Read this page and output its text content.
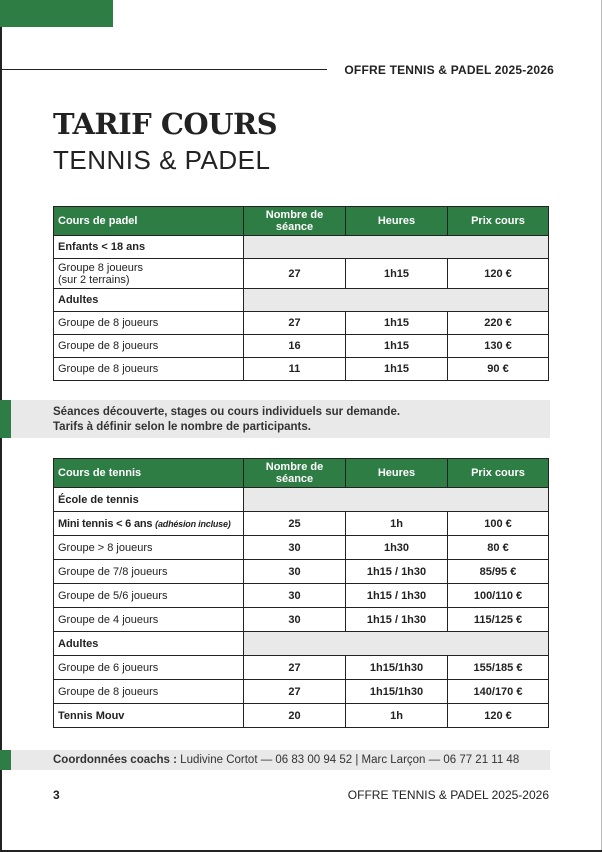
OFFRE TENNIS & PADEL 2025-2026
TARIF COURS
TENNIS & PADEL
Cours de padel	Nombre de séance	Heures	Prix cours
Enfants < 18 ans			
Groupe 8 joueurs
(sur 2 terrains)	27	1h15	120 €
Adultes			
Groupe de 8 joueurs	27	1h15	220 €
Groupe de 8 joueurs	16	1h15	130 €
Groupe de 8 joueurs	11	1h15	90 €
Séances découverte, stages ou cours individuels sur demande.
Tarifs à définir selon le nombre de participants.
Cours de tennis	Nombre de séance	Heures	Prix cours
École de tennis			
Mini tennis < 6 ans (adhésion incluse)	25	1h	100 €
Groupe > 8 joueurs	30	1h30	80 €
Groupe de 7/8 joueurs	30	1h15 / 1h30	85/95 €
Groupe de 5/6 joueurs	30	1h15 / 1h30	100/110 €
Groupe de 4 joueurs	30	1h15 / 1h30	115/125 €
Adultes			
Groupe de 6 joueurs	27	1h15/1h30	155/185 €
Groupe de 8 joueurs	27	1h15/1h30	140/170 €
Tennis Mouv	20	1h	120 €
Coordonnées coachs : Ludivine Cortot — 06 83 00 94 52 | Marc Larçon — 06 77 21 11 48
3	OFFRE TENNIS & PADEL 2025-2026
